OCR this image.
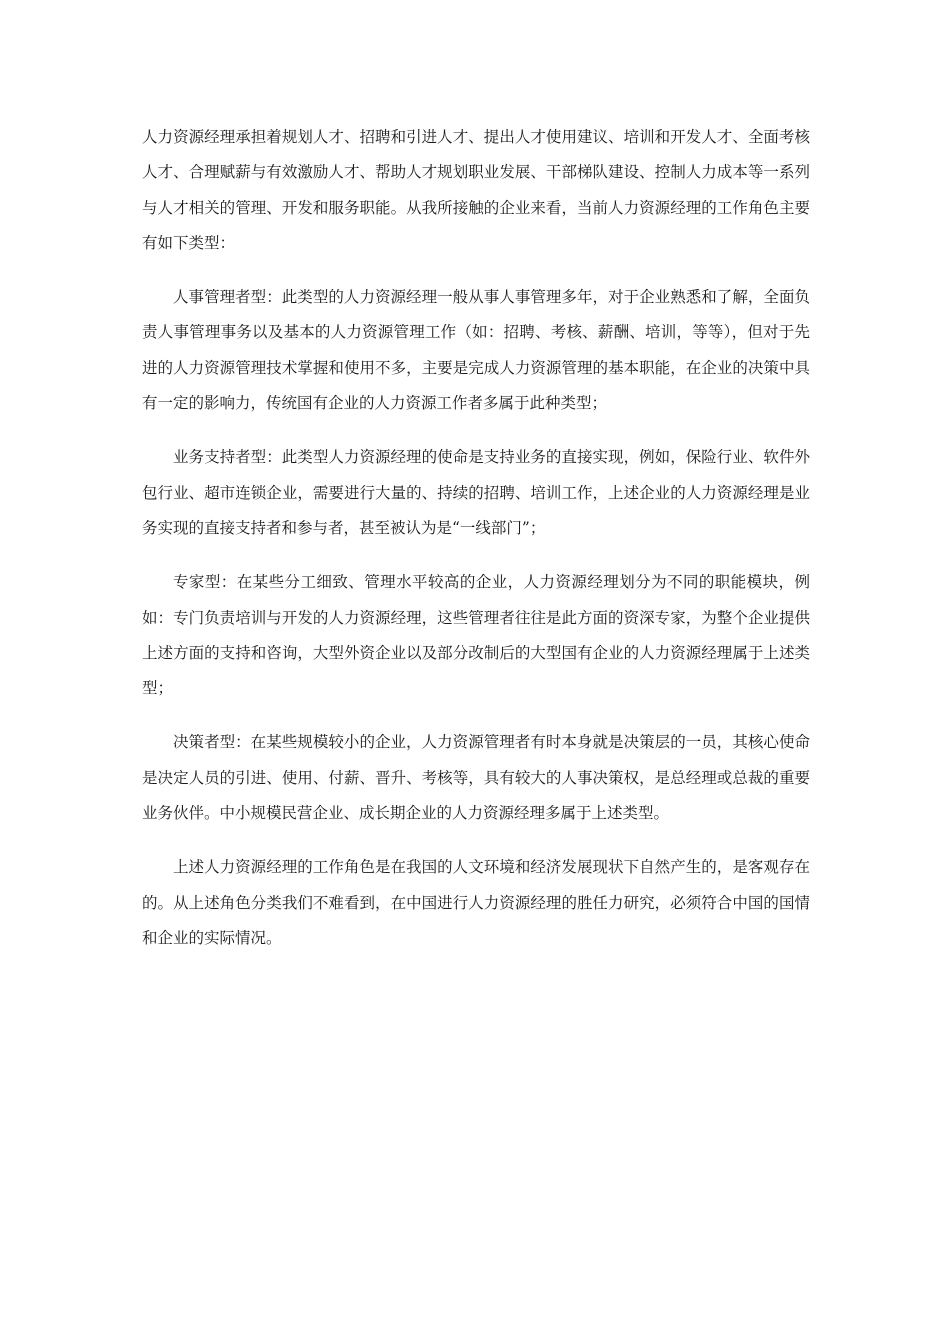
人力资源经理承担着规划人才、招聘和引进人才、提出人才使用建议、培训和开发人才、全面考核人才、合理赋薪与有效激励人才、帮助人才规划职业发展、干部梯队建设、控制人力成本等一系列与人才相关的管理、开发和服务职能。从我所接触的企业来看，当前人力资源经理的工作角色主要有如下类型：

人事管理者型：此类型的人力资源经理一般从事人事管理多年，对于企业熟悉和了解，全面负责人事管理事务以及基本的人力资源管理工作（如：招聘、考核、薪酬、培训，等等），但对于先进的人力资源管理技术掌握和使用不多，主要是完成人力资源管理的基本职能，在企业的决策中具有一定的影响力，传统国有企业的人力资源工作者多属于此种类型；

业务支持者型：此类型人力资源经理的使命是支持业务的直接实现，例如，保险行业、软件外包行业、超市连锁企业，需要进行大量的、持续的招聘、培训工作，上述企业的人力资源经理是业务实现的直接支持者和参与者，甚至被认为是“一线部门”；

专家型：在某些分工细致、管理水平较高的企业，人力资源经理划分为不同的职能模块，例如：专门负责培训与开发的人力资源经理，这些管理者往往是此方面的资深专家，为整个企业提供上述方面的支持和咨询，大型外资企业以及部分改制后的大型国有企业的人力资源经理属于上述类型；

决策者型：在某些规模较小的企业，人力资源管理者有时本身就是决策层的一员，其核心使命是决定人员的引进、使用、付薪、晋升、考核等，具有较大的人事决策权，是总经理或总裁的重要业务伙伴。中小规模民营企业、成长期企业的人力资源经理多属于上述类型。

上述人力资源经理的工作角色是在我国的人文环境和经济发展现状下自然产生的，是客观存在的。从上述角色分类我们不难看到，在中国进行人力资源经理的胜任力研究，必须符合中国的国情和企业的实际情况。
